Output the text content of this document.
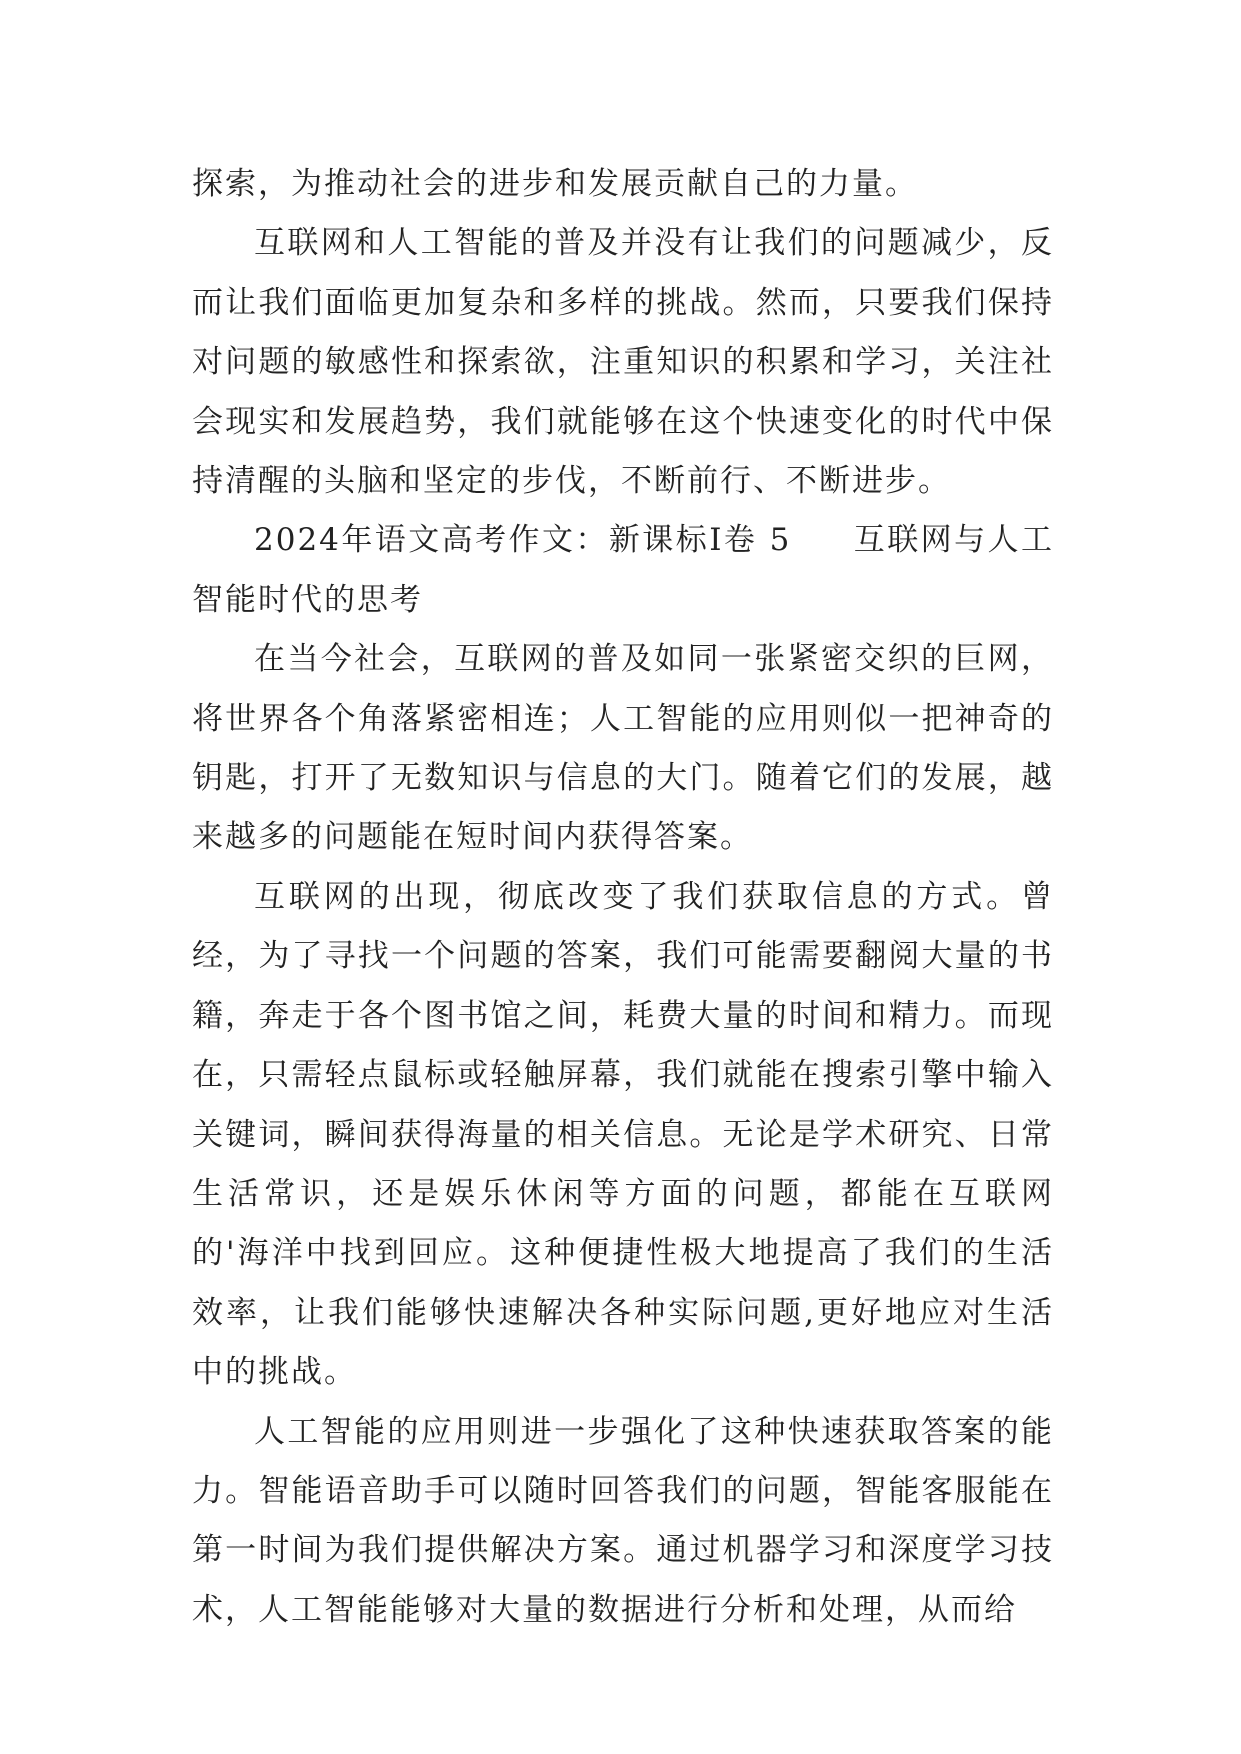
探索，为推动社会的进步和发展贡献自己的力量。

互联网和人工智能的普及并没有让我们的问题减少，反而让我们面临更加复杂和多样的挑战。然而，只要我们保持对问题的敏感性和探索欲，注重知识的积累和学习，关注社会现实和发展趋势，我们就能够在这个快速变化的时代中保持清醒的头脑和坚定的步伐，不断前行、不断进步。

2024年语文高考作文：新课标Ⅰ卷 5 互联网与人工智能时代的思考

在当今社会，互联网的普及如同一张紧密交织的巨网，将世界各个角落紧密相连；人工智能的应用则似一把神奇的钥匙，打开了无数知识与信息的大门。随着它们的发展，越来越多的问题能在短时间内获得答案。

互联网的出现，彻底改变了我们获取信息的方式。曾经，为了寻找一个问题的答案，我们可能需要翻阅大量的书籍，奔走于各个图书馆之间，耗费大量的时间和精力。而现在，只需轻点鼠标或轻触屏幕，我们就能在搜索引擎中输入关键词，瞬间获得海量的相关信息。无论是学术研究、日常生活常识，还是娱乐休闲等方面的问题，都能在互联网的'海洋中找到回应。这种便捷性极大地提高了我们的生活效率，让我们能够快速解决各种实际问题,更好地应对生活中的挑战。

人工智能的应用则进一步强化了这种快速获取答案的能力。智能语音助手可以随时回答我们的问题，智能客服能在第一时间为我们提供解决方案。通过机器学习和深度学习技术，人工智能能够对大量的数据进行分析和处理，从而给
